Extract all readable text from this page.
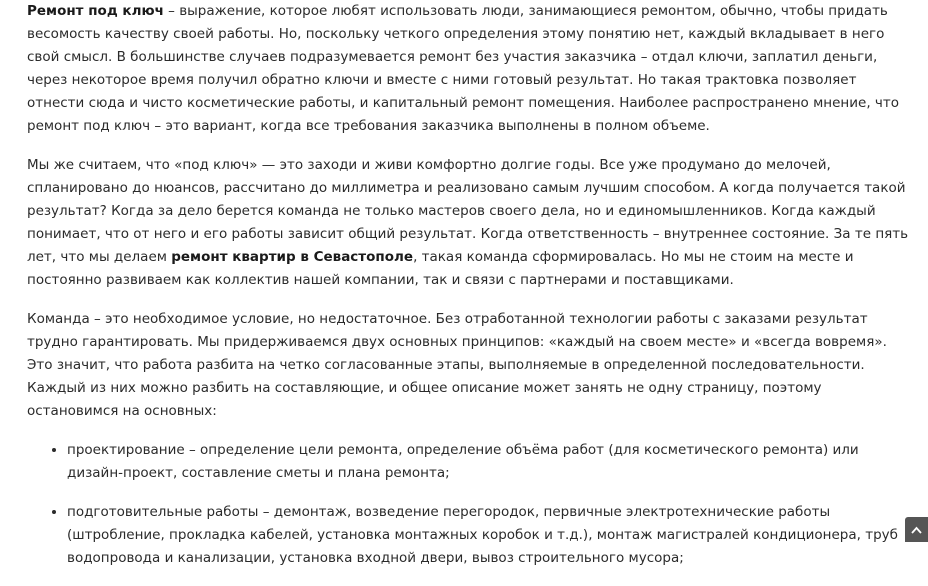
Ремонт под ключ – выражение, которое любят использовать люди, занимающиеся ремонтом, обычно, чтобы придать весомость качеству своей работы. Но, поскольку четкого определения этому понятию нет, каждый вкладывает в него свой смысл. В большинстве случаев подразумевается ремонт без участия заказчика – отдал ключи, заплатил деньги, через некоторое время получил обратно ключи и вместе с ними готовый результат. Но такая трактовка позволяет отнести сюда и чисто косметические работы, и капитальный ремонт помещения. Наиболее распространено мнение, что ремонт под ключ – это вариант, когда все требования заказчика выполнены в полном объеме.

Мы же считаем, что «под ключ» — это заходи и живи комфортно долгие годы. Все уже продумано до мелочей, спланировано до нюансов, рассчитано до миллиметра и реализовано самым лучшим способом. А когда получается такой результат? Когда за дело берется команда не только мастеров своего дела, но и единомышленников. Когда каждый понимает, что от него и его работы зависит общий результат. Когда ответственность – внутреннее состояние. За те пять лет, что мы делаем ремонт квартир в Севастополе, такая команда сформировалась. Но мы не стоим на месте и постоянно развиваем как коллектив нашей компании, так и связи с партнерами и поставщиками.

Команда – это необходимое условие, но недостаточное. Без отработанной технологии работы с заказами результат трудно гарантировать. Мы придерживаемся двух основных принципов: «каждый на своем месте» и «всегда вовремя». Это значит, что работа разбита на четко согласованные этапы, выполняемые в определенной последовательности. Каждый из них можно разбить на составляющие, и общее описание может занять не одну страницу, поэтому остановимся на основных:

• проектирование – определение цели ремонта, определение объёма работ (для косметического ремонта) или дизайн-проект, составление сметы и плана ремонта;
• подготовительные работы – демонтаж, возведение перегородок, первичные электротехнические работы (штробление, прокладка кабелей, установка монтажных коробок и т.д.), монтаж магистралей кондиционера, труб водопровода и канализации, установка входной двери, вывоз строительного мусора;
